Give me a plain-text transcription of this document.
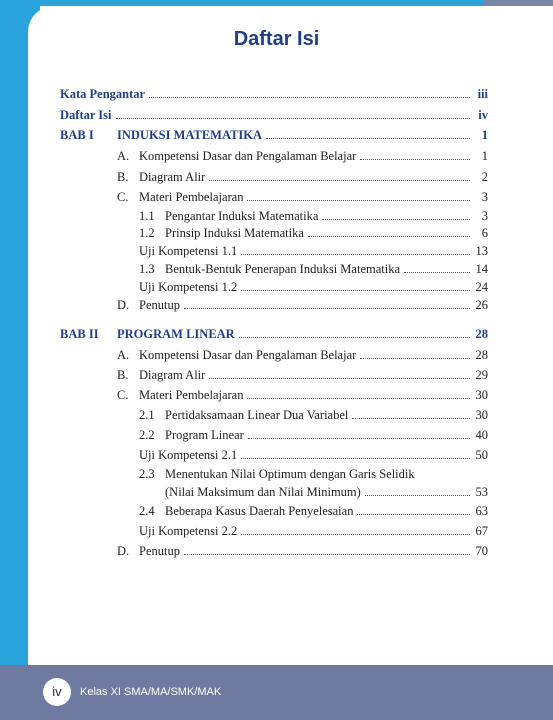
Daftar Isi
Kata Pengantar	iii
Daftar Isi	iv
BAB I INDUKSI MATEMATIKA	1
A. Kompetensi Dasar dan Pengalaman Belajar	1
B. Diagram Alir	2
C. Materi Pembelajaran	3
1.1 Pengantar Induksi Matematika	3
1.2 Prinsip Induksi Matematika	6
Uji Kompetensi 1.1	13
1.3 Bentuk-Bentuk Penerapan Induksi Matematika	14
Uji Kompetensi 1.2	24
D. Penutup	26
BAB II PROGRAM LINEAR	28
A. Kompetensi Dasar dan Pengalaman Belajar	28
B. Diagram Alir	29
C. Materi Pembelajaran	30
2.1 Pertidaksamaan Linear Dua Variabel	30
2.2 Program Linear	40
Uji Kompetensi 2.1	50
2.3 Menentukan Nilai Optimum dengan Garis Selidik
(Nilai Maksimum dan Nilai Minimum)	53
2.4 Beberapa Kasus Daerah Penyelesaian	63
Uji Kompetensi 2.2	67
D. Penutup	70
iv	Kelas XI SMA/MA/SMK/MAK
